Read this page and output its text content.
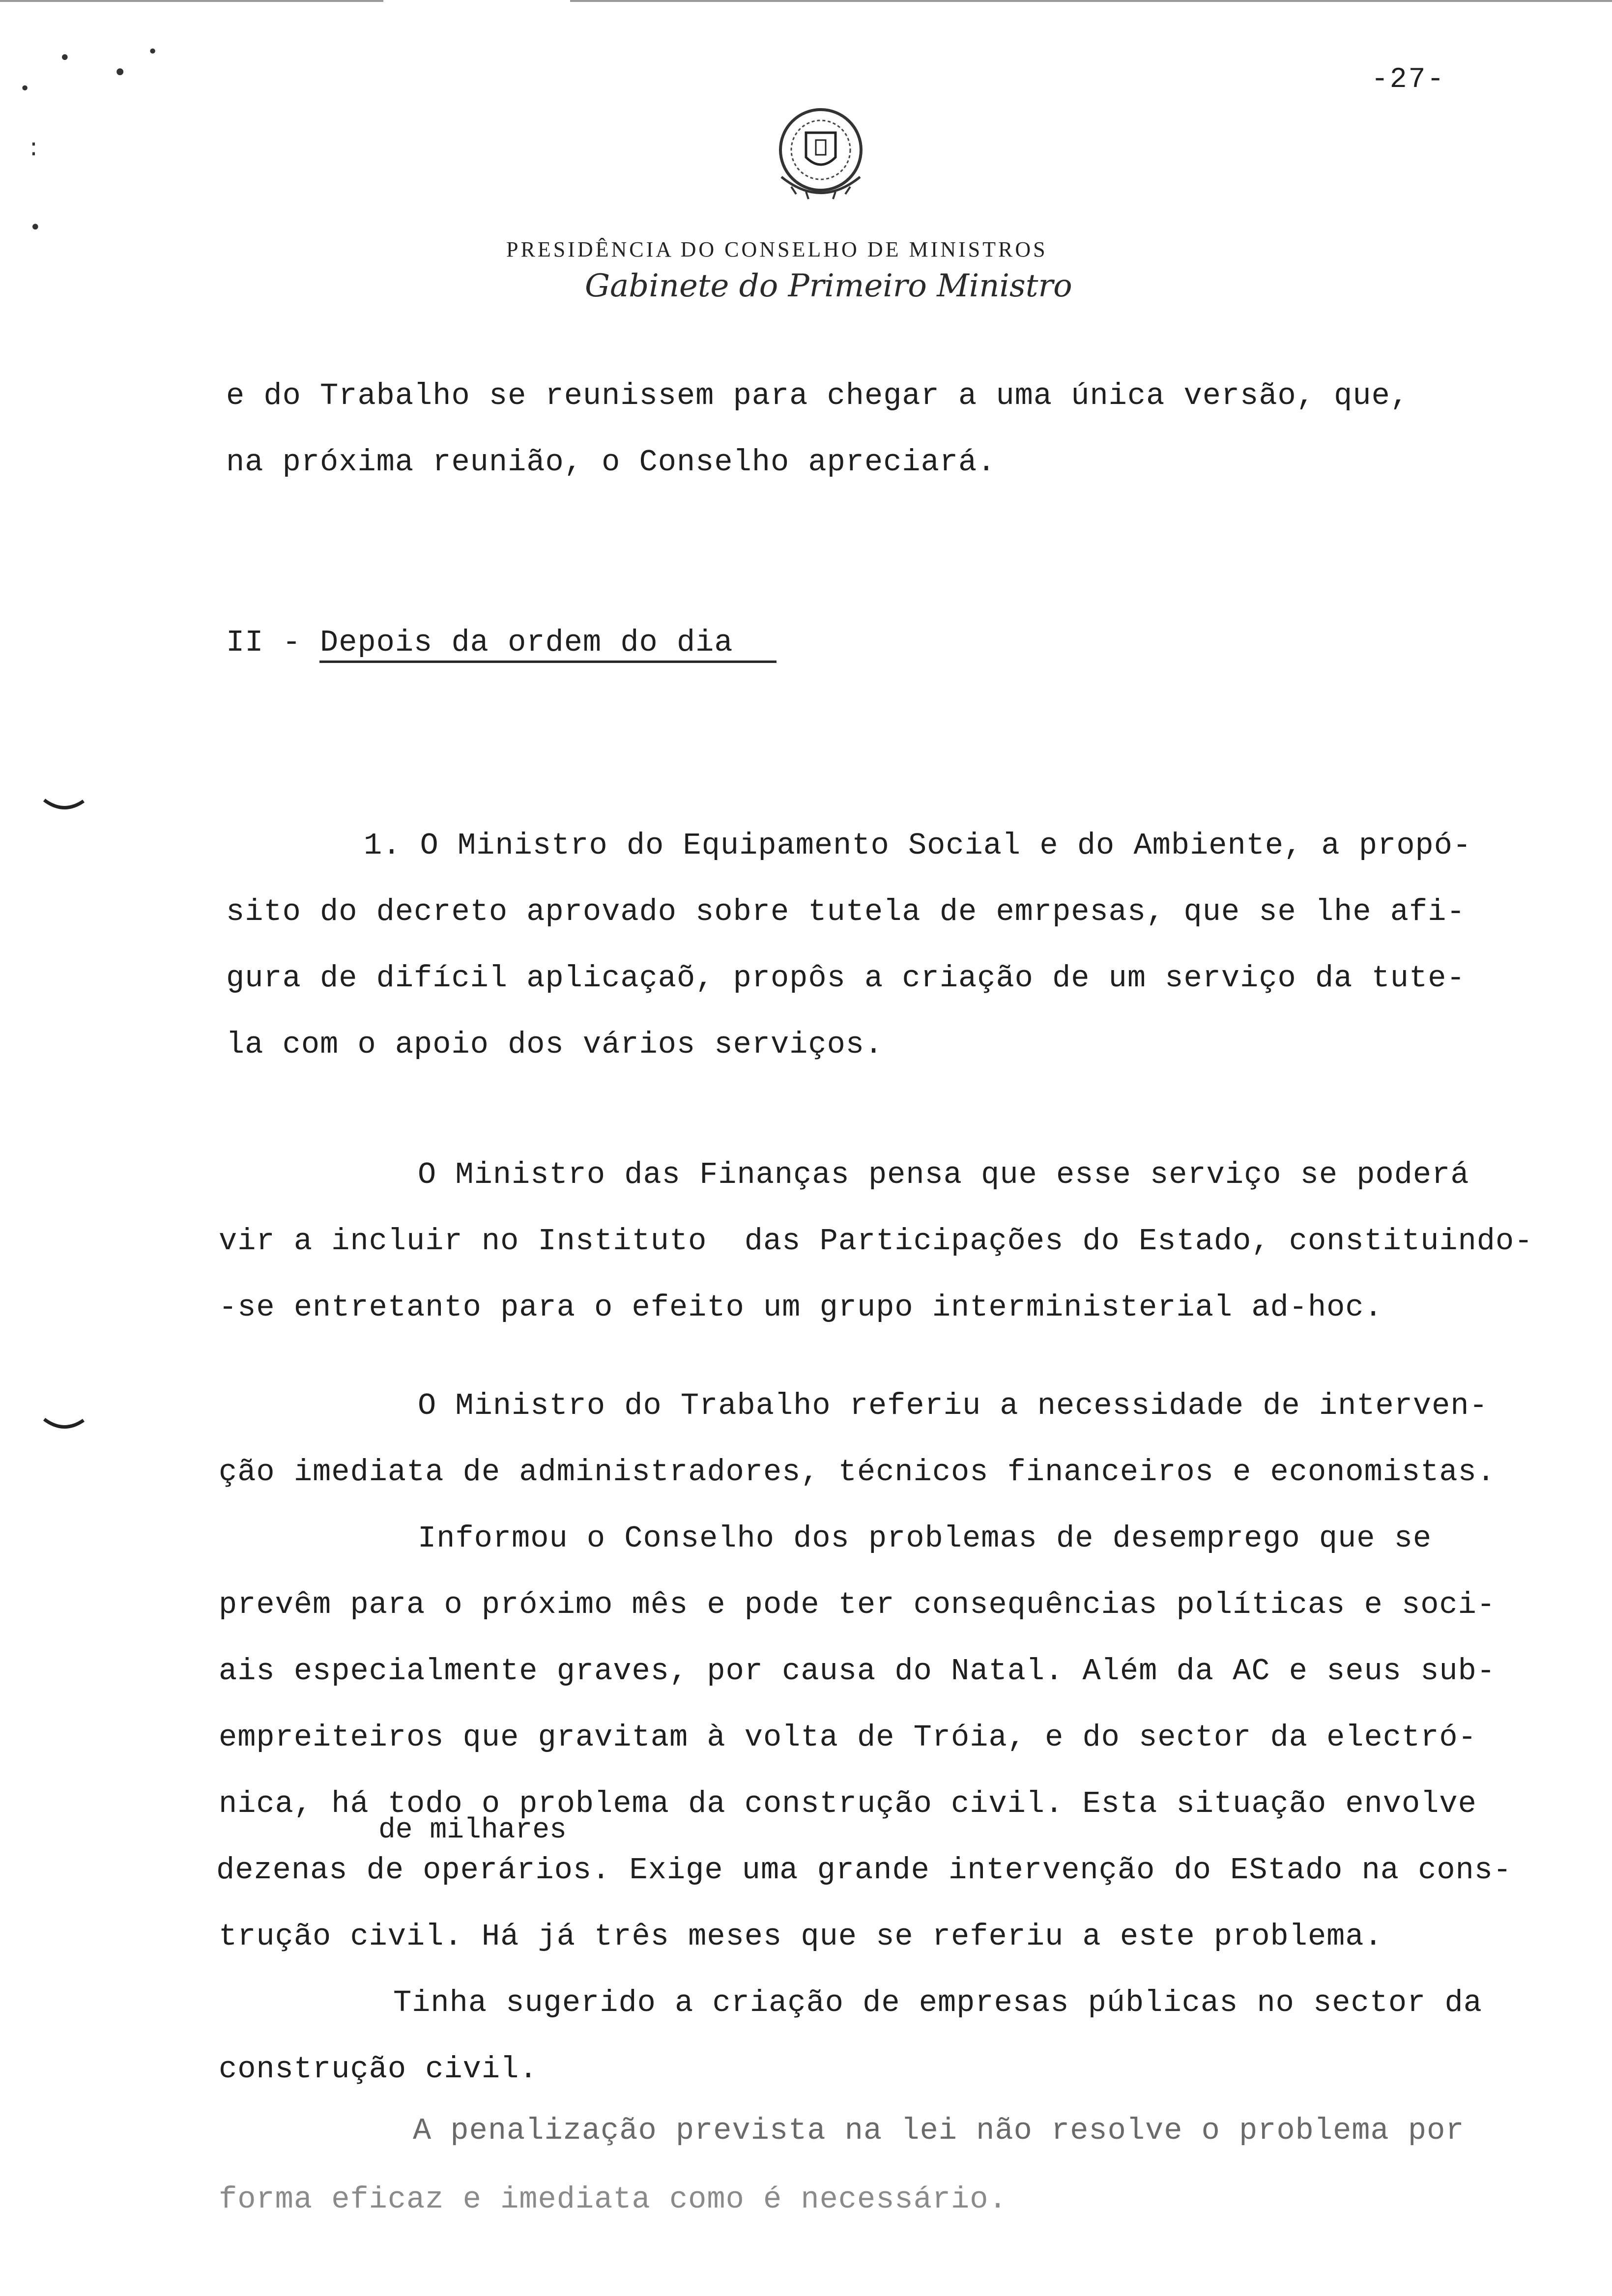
•
•
•
•
:
•
-27-
PRESIDÊNCIA DO CONSELHO DE MINISTROS
Gabinete do Primeiro Ministro
e do Trabalho se reunissem para chegar a uma única versão, que,
na próxima reunião, o Conselho apreciará.
II - Depois da ordem do dia
1. O Ministro do Equipamento Social e do Ambiente, a propó-
sito do decreto aprovado sobre tutela de emrpesas, que se lhe afi-
gura de difícil aplicaçaõ, propôs a criação de um serviço da tute-
la com o apoio dos vários serviços.
O Ministro das Finanças pensa que esse serviço se poderá
vir a incluir no Instituto  das Participações do Estado, constituindo-
-se entretanto para o efeito um grupo interministerial ad-hoc.
O Ministro do Trabalho referiu a necessidade de interven-
ção imediata de administradores, técnicos financeiros e economistas.
Informou o Conselho dos problemas de desemprego que se
prevêm para o próximo mês e pode ter consequências políticas e soci-
ais especialmente graves, por causa do Natal. Além da AC e seus sub-
empreiteiros que gravitam à volta de Tróia, e do sector da electró-
nica, há todo o problema da construção civil. Esta situação envolve
de milhares
dezenas de operários. Exige uma grande intervenção do EStado na cons-
trução civil. Há já três meses que se referiu a este problema.
Tinha sugerido a criação de empresas públicas no sector da
construção civil.
A penalização prevista na lei não resolve o problema por
forma eficaz e imediata como é necessário.
